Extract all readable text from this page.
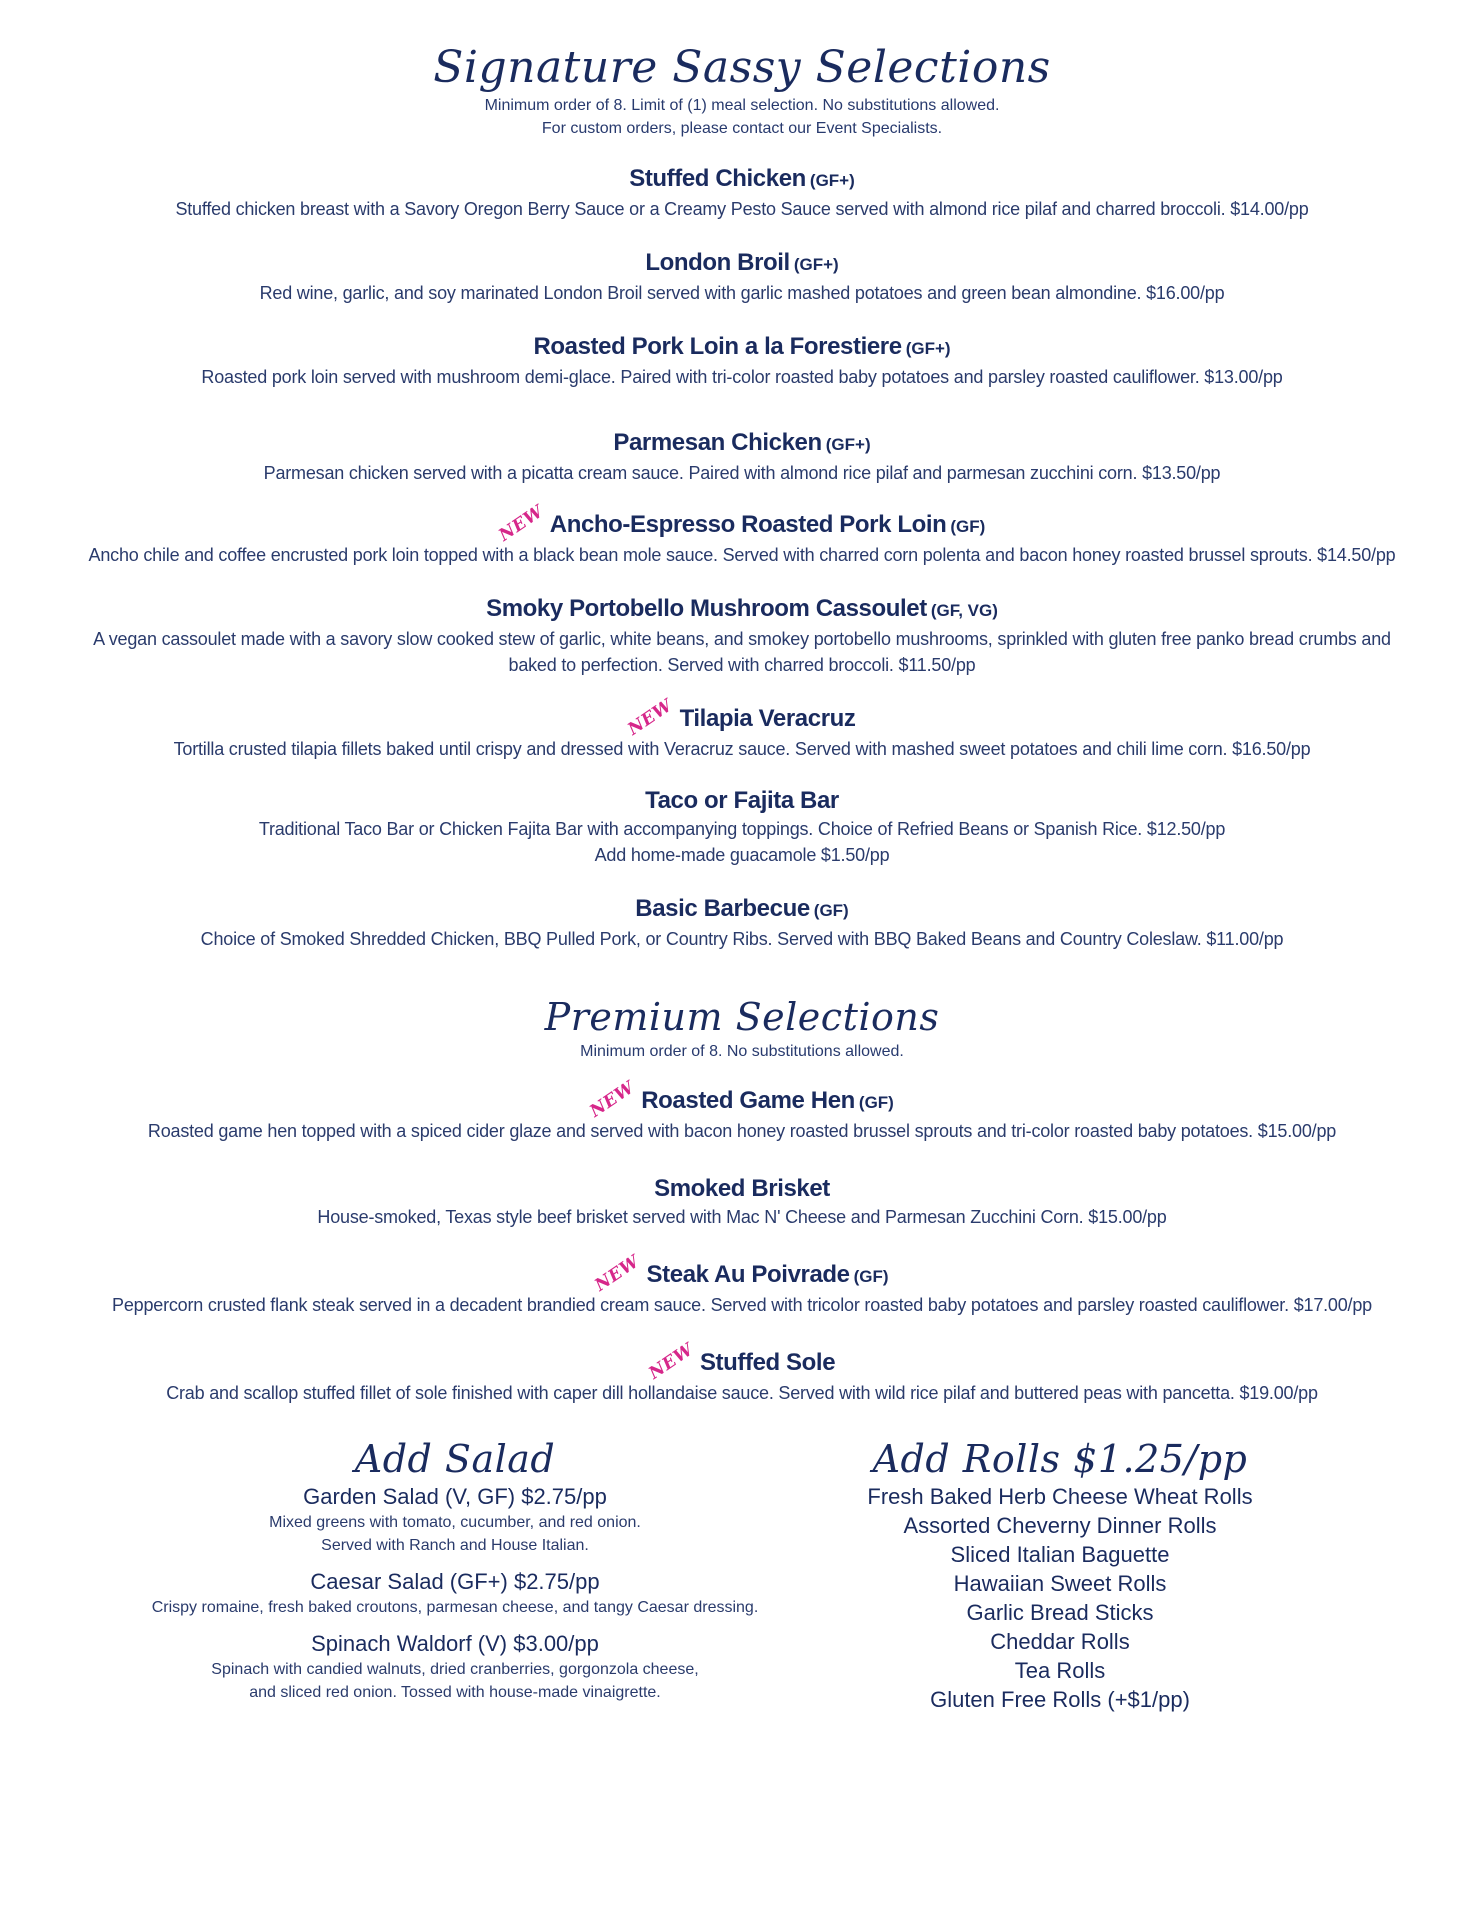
Signature Sassy Selections
Minimum order of 8. Limit of (1) meal selection. No substitutions allowed.
For custom orders, please contact our Event Specialists.
Stuffed Chicken (GF+)
Stuffed chicken breast with a Savory Oregon Berry Sauce or a Creamy Pesto Sauce served with almond rice pilaf and charred broccoli. $14.00/pp
London Broil (GF+)
Red wine, garlic, and soy marinated London Broil served with garlic mashed potatoes and green bean almondine. $16.00/pp
Roasted Pork Loin a la Forestiere (GF+)
Roasted pork loin served with mushroom demi-glace. Paired with tri-color roasted baby potatoes and parsley roasted cauliflower. $13.00/pp
Parmesan Chicken (GF+)
Parmesan chicken served with a picatta cream sauce. Paired with almond rice pilaf and parmesan zucchini corn. $13.50/pp
NEW Ancho-Espresso Roasted Pork Loin (GF)
Ancho chile and coffee encrusted pork loin topped with a black bean mole sauce. Served with charred corn polenta and bacon honey roasted brussel sprouts. $14.50/pp
Smoky Portobello Mushroom Cassoulet (GF, VG)
A vegan cassoulet made with a savory slow cooked stew of garlic, white beans, and smokey portobello mushrooms, sprinkled with gluten free panko bread crumbs and
baked to perfection. Served with charred broccoli. $11.50/pp
NEW Tilapia Veracruz
Tortilla crusted tilapia fillets baked until crispy and dressed with Veracruz sauce. Served with mashed sweet potatoes and chili lime corn. $16.50/pp
Taco or Fajita Bar
Traditional Taco Bar or Chicken Fajita Bar with accompanying toppings. Choice of Refried Beans or Spanish Rice. $12.50/pp
Add home-made guacamole $1.50/pp
Basic Barbecue (GF)
Choice of Smoked Shredded Chicken, BBQ Pulled Pork, or Country Ribs. Served with BBQ Baked Beans and Country Coleslaw. $11.00/pp
Premium Selections
Minimum order of 8. No substitutions allowed.
NEW Roasted Game Hen (GF)
Roasted game hen topped with a spiced cider glaze and served with bacon honey roasted brussel sprouts and tri-color roasted baby potatoes. $15.00/pp
Smoked Brisket
House-smoked, Texas style beef brisket served with Mac N' Cheese and Parmesan Zucchini Corn. $15.00/pp
NEW Steak Au Poivrade (GF)
Peppercorn crusted flank steak served in a decadent brandied cream sauce. Served with tricolor roasted baby potatoes and parsley roasted cauliflower. $17.00/pp
NEW Stuffed Sole
Crab and scallop stuffed fillet of sole finished with caper dill hollandaise sauce. Served with wild rice pilaf and buttered peas with pancetta. $19.00/pp
Add Salad
Garden Salad (V, GF) $2.75/pp
Mixed greens with tomato, cucumber, and red onion.
Served with Ranch and House Italian.
Caesar Salad (GF+) $2.75/pp
Crispy romaine, fresh baked croutons, parmesan cheese, and tangy Caesar dressing.
Spinach Waldorf (V) $3.00/pp
Spinach with candied walnuts, dried cranberries, gorgonzola cheese,
and sliced red onion. Tossed with house-made vinaigrette.
Add Rolls $1.25/pp
Fresh Baked Herb Cheese Wheat Rolls
Assorted Cheverny Dinner Rolls
Sliced Italian Baguette
Hawaiian Sweet Rolls
Garlic Bread Sticks
Cheddar Rolls
Tea Rolls
Gluten Free Rolls (+$1/pp)
